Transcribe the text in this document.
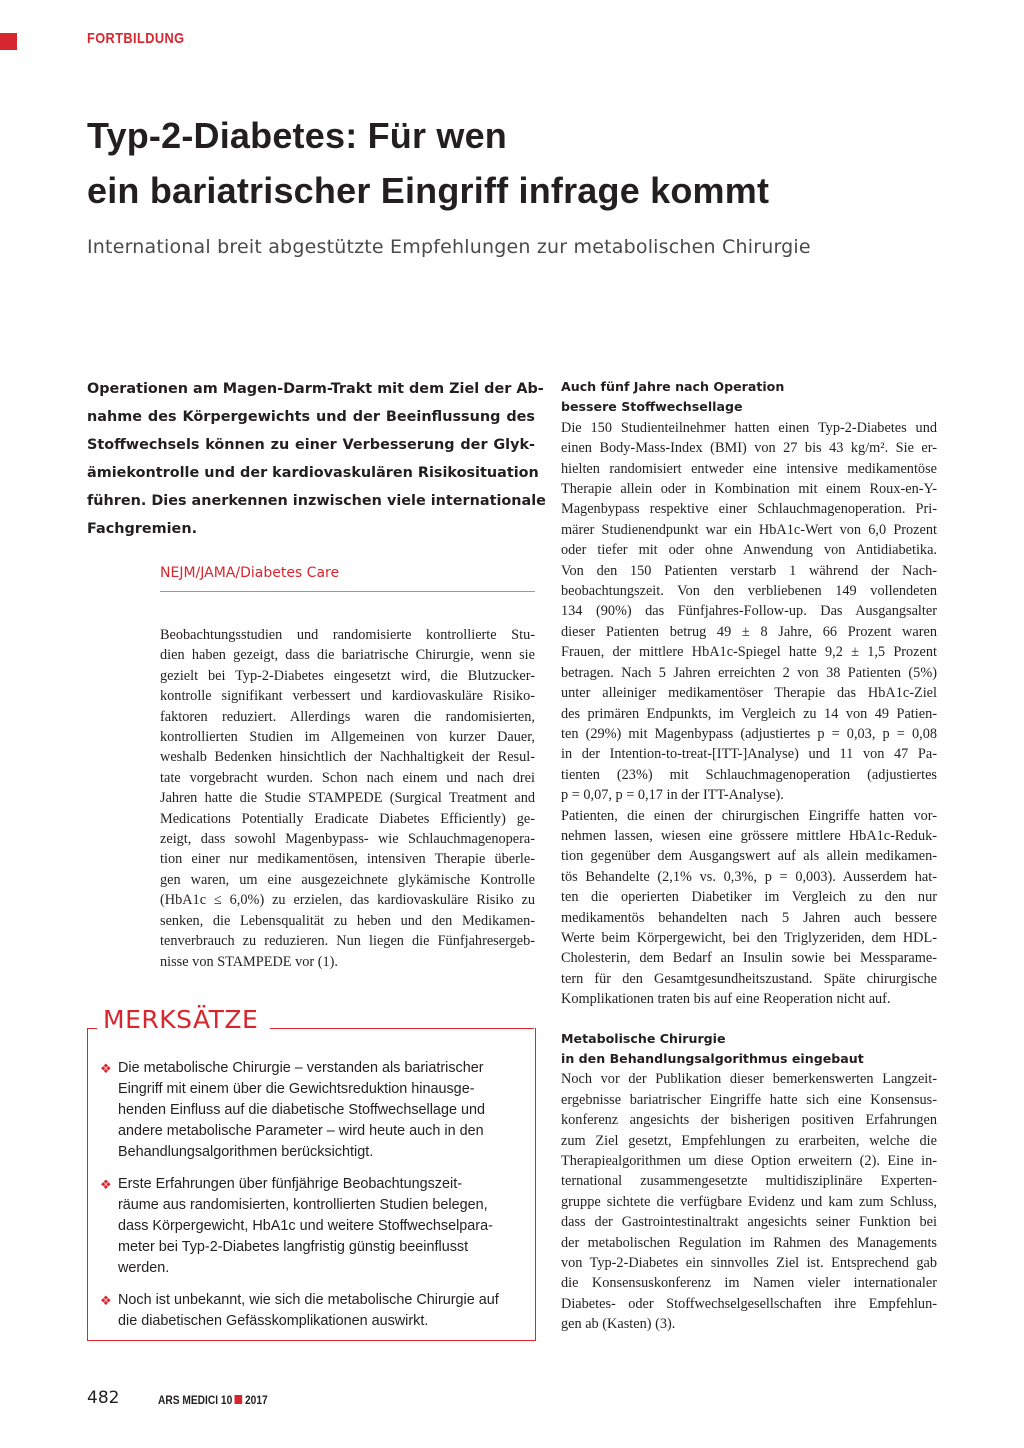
FORTBILDUNG
Typ-2-Diabetes: Für wen
ein bariatrischer Eingriff infrage kommt
International breit abgestützte Empfehlungen zur metabolischen Chirurgie

Operationen am Magen-Darm-Trakt mit dem Ziel der Ab-
nahme des Körpergewichts und der Beeinflussung des
Stoffwechsels können zu einer Verbesserung der Glyk-
ämiekontrolle und der kardiovaskulären Risikosituation
führen. Dies anerkennen inzwischen viele internationale
Fachgremien.

NEJM/JAMA/Diabetes Care
Beobachtungsstudien und randomisierte kontrollierte Stu-
dien haben gezeigt, dass die bariatrische Chirurgie, wenn sie
gezielt bei Typ-2-Diabetes eingesetzt wird, die Blutzucker-
kontrolle signifikant verbessert und kardiovaskuläre Risiko-
faktoren reduziert. Allerdings waren die randomisierten,
kontrollierten Studien im Allgemeinen von kurzer Dauer,
weshalb Bedenken hinsichtlich der Nachhaltigkeit der Resul-
tate vorgebracht wurden. Schon nach einem und nach drei
Jahren hatte die Studie STAMPEDE (Surgical Treatment and
Medications Potentially Eradicate Diabetes Efficiently) ge-
zeigt, dass sowohl Magenbypass- wie Schlauchmagenopera-
tion einer nur medikamentösen, intensiven Therapie überle-
gen waren, um eine ausgezeichnete glykämische Kontrolle
(HbA1c ≤ 6,0%) zu erzielen, das kardiovaskuläre Risiko zu
senken, die Lebensqualität zu heben und den Medikamen-
tenverbrauch zu reduzieren. Nun liegen die Fünfjahresergeb-
nisse von STAMPEDE vor (1).
MERKSÄTZE
❖ Die metabolische Chirurgie – verstanden als bariatrischer
Eingriff mit einem über die Gewichtsreduktion hinausge-
henden Einfluss auf die diabetische Stoffwechsellage und
andere metabolische Parameter – wird heute auch in den
Behandlungsalgorithmen berücksichtigt.
❖ Erste Erfahrungen über fünfjährige Beobachtungszeit-
räume aus randomisierten, kontrollierten Studien belegen,
dass Körpergewicht, HbA1c und weitere Stoffwechselpara-
meter bei Typ-2-Diabetes langfristig günstig beeinflusst
werden.
❖ Noch ist unbekannt, wie sich die metabolische Chirurgie auf
die diabetischen Gefässkomplikationen auswirkt.
Auch fünf Jahre nach Operation
bessere Stoffwechsellage
Die 150 Studienteilnehmer hatten einen Typ-2-Diabetes und
einen Body-Mass-Index (BMI) von 27 bis 43 kg/m². Sie er-
hielten randomisiert entweder eine intensive medikamentöse
Therapie allein oder in Kombination mit einem Roux-en-Y-
Magenbypass respektive einer Schlauchmagenoperation. Pri-
märer Studienendpunkt war ein HbA1c-Wert von 6,0 Prozent
oder tiefer mit oder ohne Anwendung von Antidiabetika.
Von den 150 Patienten verstarb 1 während der Nach-
beobachtungszeit. Von den verbliebenen 149 vollendeten
134 (90%) das Fünfjahres-Follow-up. Das Ausgangsalter
dieser Patienten betrug 49 ± 8 Jahre, 66 Prozent waren
Frauen, der mittlere HbA1c-Spiegel hatte 9,2 ± 1,5 Prozent
betragen. Nach 5 Jahren erreichten 2 von 38 Patienten (5%)
unter alleiniger medikamentöser Therapie das HbA1c-Ziel
des primären Endpunkts, im Vergleich zu 14 von 49 Patien-
ten (29%) mit Magenbypass (adjustiertes p = 0,03, p = 0,08
in der Intention-to-treat-[ITT-]Analyse) und 11 von 47 Pa-
tienten (23%) mit Schlauchmagenoperation (adjustiertes
p = 0,07, p = 0,17 in der ITT-Analyse).
Patienten, die einen der chirurgischen Eingriffe hatten vor-
nehmen lassen, wiesen eine grössere mittlere HbA1c-Reduk-
tion gegenüber dem Ausgangswert auf als allein medikamen-
tös Behandelte (2,1% vs. 0,3%, p = 0,003). Ausserdem hat-
ten die operierten Diabetiker im Vergleich zu den nur
medikamentös behandelten nach 5 Jahren auch bessere
Werte beim Körpergewicht, bei den Triglyzeriden, dem HDL-
Cholesterin, dem Bedarf an Insulin sowie bei Messparame-
tern für den Gesamtgesundheitszustand. Späte chirurgische
Komplikationen traten bis auf eine Reoperation nicht auf.
Metabolische Chirurgie
in den Behandlungsalgorithmus eingebaut
Noch vor der Publikation dieser bemerkenswerten Langzeit-
ergebnisse bariatrischer Eingriffe hatte sich eine Konsensus-
konferenz angesichts der bisherigen positiven Erfahrungen
zum Ziel gesetzt, Empfehlungen zu erarbeiten, welche die
Therapiealgorithmen um diese Option erweitern (2). Eine in-
ternational zusammengesetzte multidisziplinäre Experten-
gruppe sichtete die verfügbare Evidenz und kam zum Schluss,
dass der Gastrointestinaltrakt angesichts seiner Funktion bei
der metabolischen Regulation im Rahmen des Managements
von Typ-2-Diabetes ein sinnvolles Ziel ist. Entsprechend gab
die Konsensuskonferenz im Namen vieler internationaler
Diabetes- oder Stoffwechselgesellschaften ihre Empfehlun-
gen ab (Kasten) (3).
482	ARS MEDICI 10 2017
